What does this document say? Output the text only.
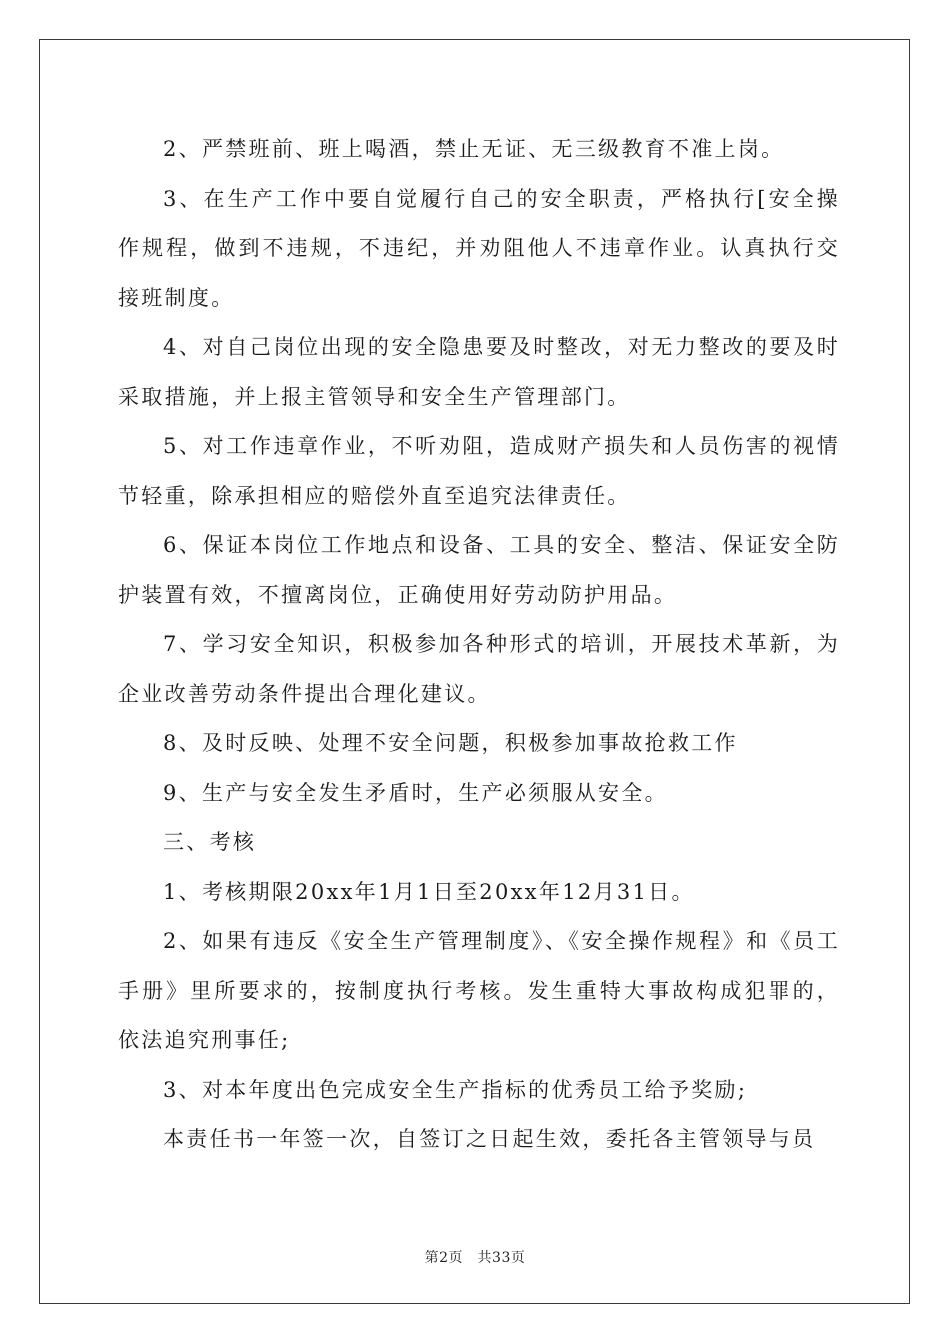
2、严禁班前、班上喝酒，禁止无证、无三级教育不准上岗。

3、在生产工作中要自觉履行自己的安全职责，严格执行[安全操作规程，做到不违规，不违纪，并劝阻他人不违章作业。认真执行交接班制度。

4、对自己岗位出现的安全隐患要及时整改，对无力整改的要及时采取措施，并上报主管领导和安全生产管理部门。

5、对工作违章作业，不听劝阻，造成财产损失和人员伤害的视情节轻重，除承担相应的赔偿外直至追究法律责任。

6、保证本岗位工作地点和设备、工具的安全、整洁、保证安全防护装置有效，不擅离岗位，正确使用好劳动防护用品。

7、学习安全知识，积极参加各种形式的培训，开展技术革新，为企业改善劳动条件提出合理化建议。

8、及时反映、处理不安全问题，积极参加事故抢救工作

9、生产与安全发生矛盾时，生产必须服从安全。

三、考核

1、考核期限20xx年1月1日至20xx年12月31日。

2、如果有违反《安全生产管理制度》、《安全操作规程》和《员工手册》里所要求的，按制度执行考核。发生重特大事故构成犯罪的，依法追究刑事任;

3、对本年度出色完成安全生产指标的优秀员工给予奖励;

本责任书一年签一次，自签订之日起生效，委托各主管领导与员

第2页　共33页
